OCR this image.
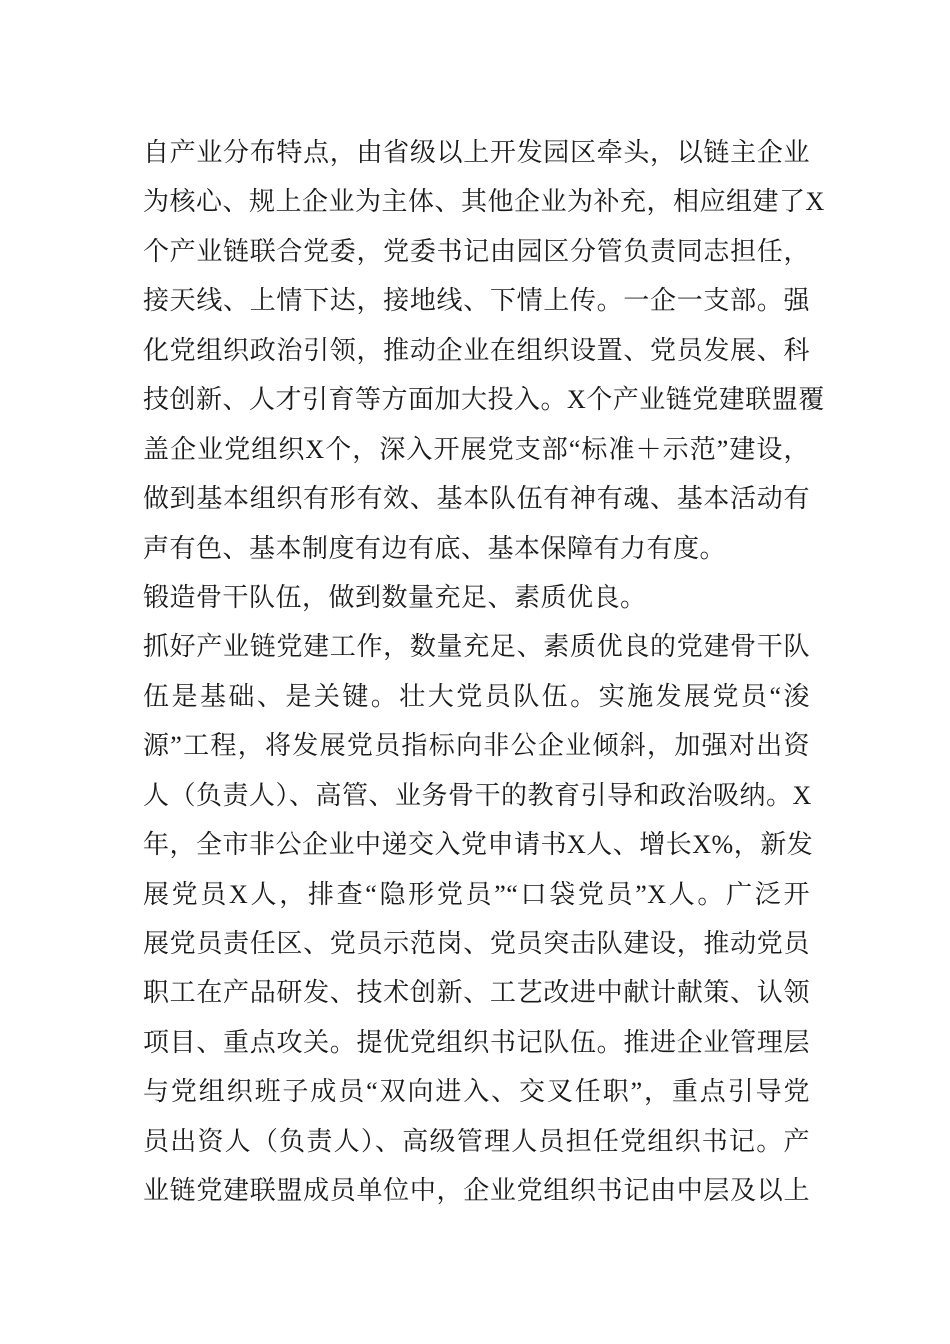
自产业分布特点，由省级以上开发园区牵头，以链主企业
为核心、规上企业为主体、其他企业为补充，相应组建了X
个产业链联合党委，党委书记由园区分管负责同志担任，
接天线、上情下达，接地线、下情上传。一企一支部。强
化党组织政治引领，推动企业在组织设置、党员发展、科
技创新、人才引育等方面加大投入。X个产业链党建联盟覆
盖企业党组织X个，深入开展党支部“标准＋示范”建设，
做到基本组织有形有效、基本队伍有神有魂、基本活动有
声有色、基本制度有边有底、基本保障有力有度。
锻造骨干队伍，做到数量充足、素质优良。
抓好产业链党建工作，数量充足、素质优良的党建骨干队
伍是基础、是关键。壮大党员队伍。实施发展党员“浚
源”工程，将发展党员指标向非公企业倾斜，加强对出资
人（负责人）、高管、业务骨干的教育引导和政治吸纳。X
年，全市非公企业中递交入党申请书X人、增长X%，新发
展党员X人，排查“隐形党员”“口袋党员”X人。广泛开
展党员责任区、党员示范岗、党员突击队建设，推动党员
职工在产品研发、技术创新、工艺改进中献计献策、认领
项目、重点攻关。提优党组织书记队伍。推进企业管理层
与党组织班子成员“双向进入、交叉任职”，重点引导党
员出资人（负责人）、高级管理人员担任党组织书记。产
业链党建联盟成员单位中，企业党组织书记由中层及以上
